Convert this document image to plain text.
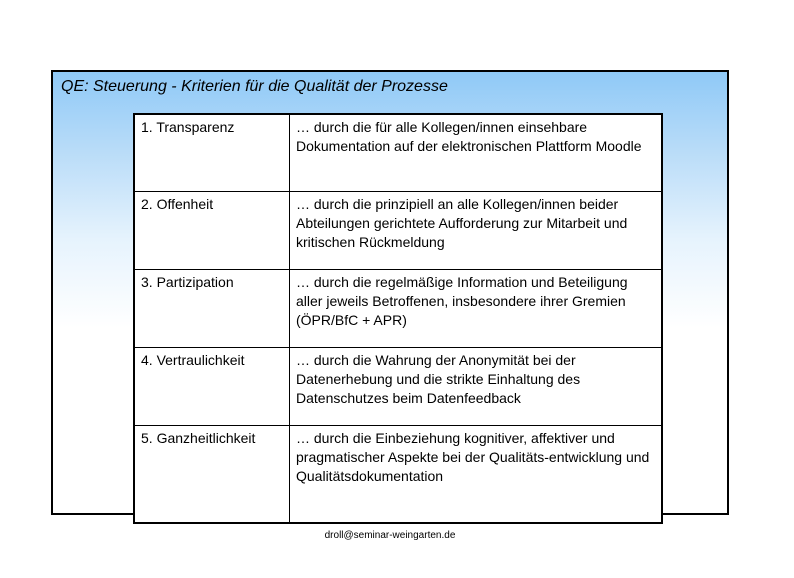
QE: Steuerung - Kriterien für die Qualität der Prozesse
1. Transparenz	… durch die für alle Kollegen/innen einsehbare Dokumentation auf der elektronischen Plattform Moodle
2. Offenheit	… durch die prinzipiell an alle Kollegen/innen beider Abteilungen gerichtete Aufforderung zur Mitarbeit und kritischen Rückmeldung
3. Partizipation	… durch die regelmäßige Information und Beteiligung aller jeweils Betroffenen, insbesondere ihrer Gremien (ÖPR/BfC + APR)
4. Vertraulichkeit	… durch die Wahrung der Anonymität bei der Datenerhebung und die strikte Einhaltung des Datenschutzes beim Datenfeedback
5. Ganzheitlichkeit	… durch die Einbeziehung kognitiver, affektiver und pragmatischer Aspekte bei der Qualitäts-entwicklung und Qualitätsdokumentation
droll@seminar-weingarten.de
